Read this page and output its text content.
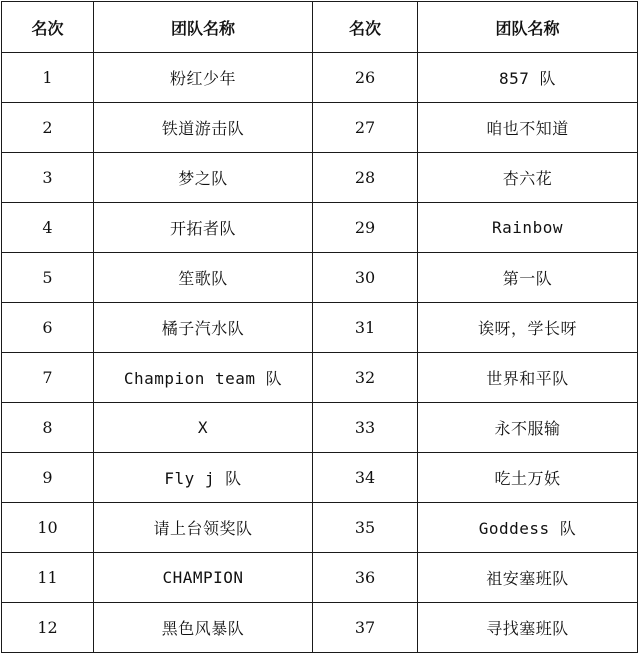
名次	团队名称	名次	团队名称
1	粉红少年	26	857 队
2	铁道游击队	27	咱也不知道
3	梦之队	28	杏六花
4	开拓者队	29	Rainbow
5	笙歌队	30	第一队
6	橘子汽水队	31	诶呀，学长呀
7	Champion team 队	32	世界和平队
8	X	33	永不服输
9	Fly j 队	34	吃土万妖
10	请上台领奖队	35	Goddess 队
11	CHAMPION	36	祖安塞班队
12	黑色风暴队	37	寻找塞班队
